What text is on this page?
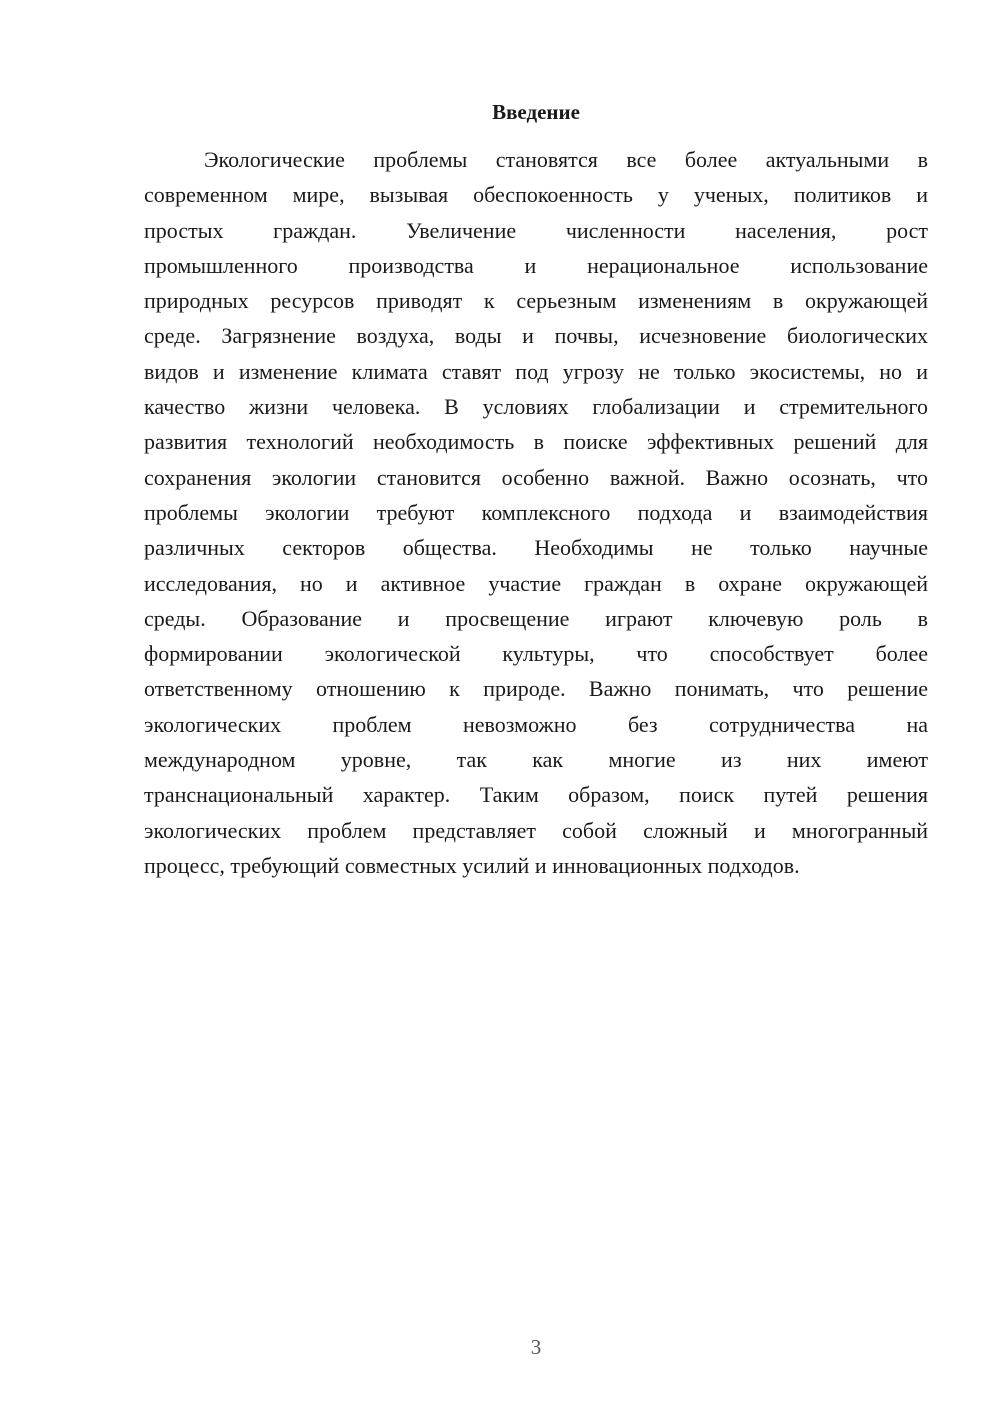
Введение
Экологические проблемы становятся все более актуальными в
современном мире, вызывая обеспокоенность у ученых, политиков и
простых граждан. Увеличение численности населения, рост
промышленного производства и нерациональное использование
природных ресурсов приводят к серьезным изменениям в окружающей
среде. Загрязнение воздуха, воды и почвы, исчезновение биологических
видов и изменение климата ставят под угрозу не только экосистемы, но и
качество жизни человека. В условиях глобализации и стремительного
развития технологий необходимость в поиске эффективных решений для
сохранения экологии становится особенно важной. Важно осознать, что
проблемы экологии требуют комплексного подхода и взаимодействия
различных секторов общества. Необходимы не только научные
исследования, но и активное участие граждан в охране окружающей
среды. Образование и просвещение играют ключевую роль в
формировании экологической культуры, что способствует более
ответственному отношению к природе. Важно понимать, что решение
экологических проблем невозможно без сотрудничества на
международном уровне, так как многие из них имеют
транснациональный характер. Таким образом, поиск путей решения
экологических проблем представляет собой сложный и многогранный
процесс, требующий совместных усилий и инновационных подходов.
3
